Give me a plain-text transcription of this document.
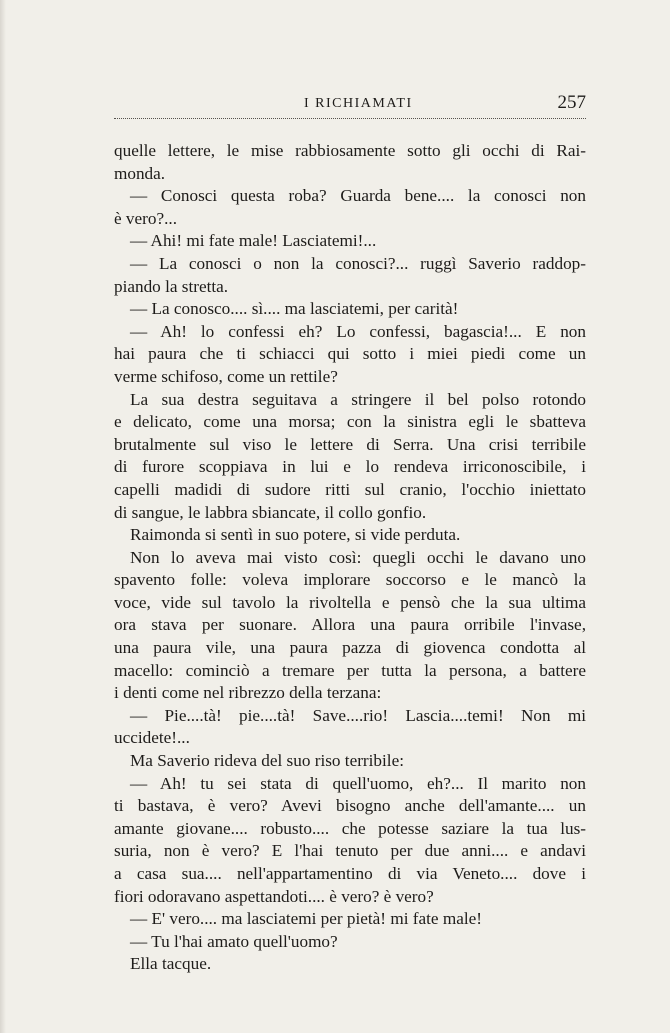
I RICHIAMATI	257
quelle lettere, le mise rabbiosamente sotto gli occhi di Rai-
monda.
— Conosci questa roba? Guarda bene.... la conosci non
è vero?...
— Ahi! mi fate male! Lasciatemi!...
— La conosci o non la conosci?... ruggì Saverio raddop-
piando la stretta.
— La conosco.... sì.... ma lasciatemi, per carità!
— Ah! lo confessi eh? Lo confessi, bagascia!... E non
hai paura che ti schiacci qui sotto i miei piedi come un
verme schifoso, come un rettile?
La sua destra seguitava a stringere il bel polso rotondo
e delicato, come una morsa; con la sinistra egli le sbatteva
brutalmente sul viso le lettere di Serra. Una crisi terribile
di furore scoppiava in lui e lo rendeva irriconoscibile, i
capelli madidi di sudore ritti sul cranio, l'occhio iniettato
di sangue, le labbra sbiancate, il collo gonfio.
Raimonda si sentì in suo potere, si vide perduta.
Non lo aveva mai visto così: quegli occhi le davano uno
spavento folle: voleva implorare soccorso e le mancò la
voce, vide sul tavolo la rivoltella e pensò che la sua ultima
ora stava per suonare. Allora una paura orribile l'invase,
una paura vile, una paura pazza di giovenca condotta al
macello: cominciò a tremare per tutta la persona, a battere
i denti come nel ribrezzo della terzana:
— Pie....tà! pie....tà! Save....rio! Lascia....temi! Non mi
uccidete!...
Ma Saverio rideva del suo riso terribile:
— Ah! tu sei stata di quell'uomo, eh?... Il marito non
ti bastava, è vero? Avevi bisogno anche dell'amante.... un
amante giovane.... robusto.... che potesse saziare la tua lus-
suria, non è vero? E l'hai tenuto per due anni.... e andavi
a casa sua.... nell'appartamentino di via Veneto.... dove i
fiori odoravano aspettandoti.... è vero? è vero?
— E' vero.... ma lasciatemi per pietà! mi fate male!
— Tu l'hai amato quell'uomo?
Ella tacque.
